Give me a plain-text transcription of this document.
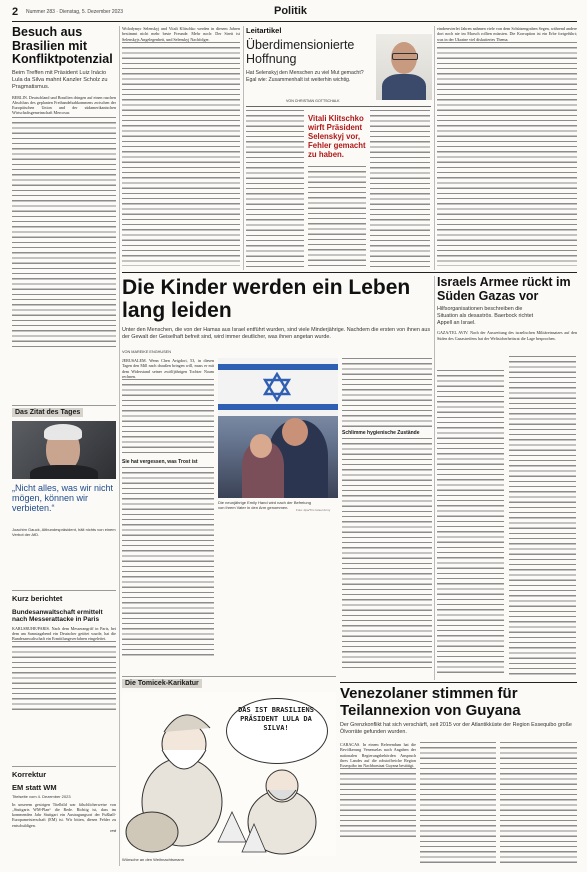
2 Nummer 283 · Dienstag, 5. Dezember 2023	Politik
Besuch aus Brasilien mit Konfliktpotenzial
Beim Treffen mit Präsident Luiz Inácio Lula da Silva mahnt Kanzler Scholz zu Pragmatismus.
BERLIN. Deutschland und Brasilien dringen auf einen raschen Abschluss des geplanten Freihandelsabkommens zwischen der Europäischen Union und der südamerikanischen Wirtschaftsgemeinschaft Mercosur.
Das Zitat des Tages
„Nicht alles, was wir nicht mögen, können wir verbieten.“
Joachim Gauck, Altbundespräsident, hält nichts von einem Verbot der AfD.
Kurz berichtet
Bundesanwaltschaft ermittelt nach Messerattacke in Paris
KARLSRUHE/PARIS. Nach dem Messerangriff in Paris, bei dem am Samstagabend ein Deutscher getötet wurde, hat die Bundesanwaltschaft ein Ermittlungsverfahren eingeleitet.
Korrektur
EM statt WM
Titelseite vom 4. Dezember 2023
In unserem gestrigen Titelbild war fälschlicherweise von „Stuttgarts WM-Plan“ die Rede. Richtig ist, dass im kommenden Jahr Stuttgart ein Austragungsort der Fußball-Europameisterschaft (EM) ist. Wir bitten, diesen Fehler zu entschuldigen.
red
Wolodymyr Selenskyj und Vitali Klitschko werden in diesem Jahren bestimmt nicht mehr beste Freunde. Mehr noch: Der Streit ist Selenskyjs Angelegenheit, und Selenskyj Nachfolger.
Leitartikel
Überdimensionierte Hoffnung
Hat Selenskyj den Menschen zu viel Mut gemacht? Egal wie: Zusammenhalt ist weiterhin wichtig.
VON CHRISTIAN GOTTSCHALK
Vitali Klitschko wirft Präsident Selenskyj vor, Fehler gemacht zu haben.
eindrenvierlet Jahren nahmen viele von dem Schützengraben Segen, während andere dort noch nie im Marsch rollten müssten. Die Korruption ist ein Erbe fortgeführt; was in der Ukraine viel diskutiertes Thema.
Die Kinder werden ein Leben lang leiden
Unter den Menschen, die von der Hamas aus Israel entführt wurden, sind viele Minderjährige. Nachdem die ersten von ihnen aus der Gewalt der Geiselhaft befreit sind, wird immer deutlicher, was ihnen angetan wurde.
VON MAREIKE ENGHUSEN
JERUSALEM. Wenn Chen Avigdori, 53, in diesen Tagen den Mill nach draußen bringen will, muss er mit dem Widerstand seiner zwölfjährigen Tochter Noam rechnen.
Sie hat vergessen, was Trost ist
Die neunjährige Emily Hand wird nach der Befreiung von ihrem Vater in den Arm genommen.	Foto: dpa/Tim Israel Army
Schlimme hygienische Zustände
Die Tomicek-Karikatur
DAS IST BRASILIENS PRÄSIDENT LULA DA SILVA!
Wünsche an den Weihnachtsmann
Israels Armee rückt im Süden Gazas vor
Hilfsorganisationen beschreiben die Situation als desaströs. Baerbock richtet Appell an Israel.
GAZA/TEL AVIV. Nach der Ausweitung des israelischen Militäreinsatzes auf den Süden des Gazastreifens hat der Weltsicherheitsrat die Lage besprochen.
Venezolaner stimmen für Teilannexion von Guyana
Der Grenzkonflikt hat sich verschärft, seit 2015 vor der Atlantikküste der Region Essequibo große Ölvorräte gefunden wurden.
CARACAS. In einem Referendum hat die Bevölkerung Venezuelas nach Angaben der nationalen Regierungsbehörden Anspruch ihres Landes auf die rohstoffreiche Region Essequibo im Nachbarstaat Guyana bestätigt.
